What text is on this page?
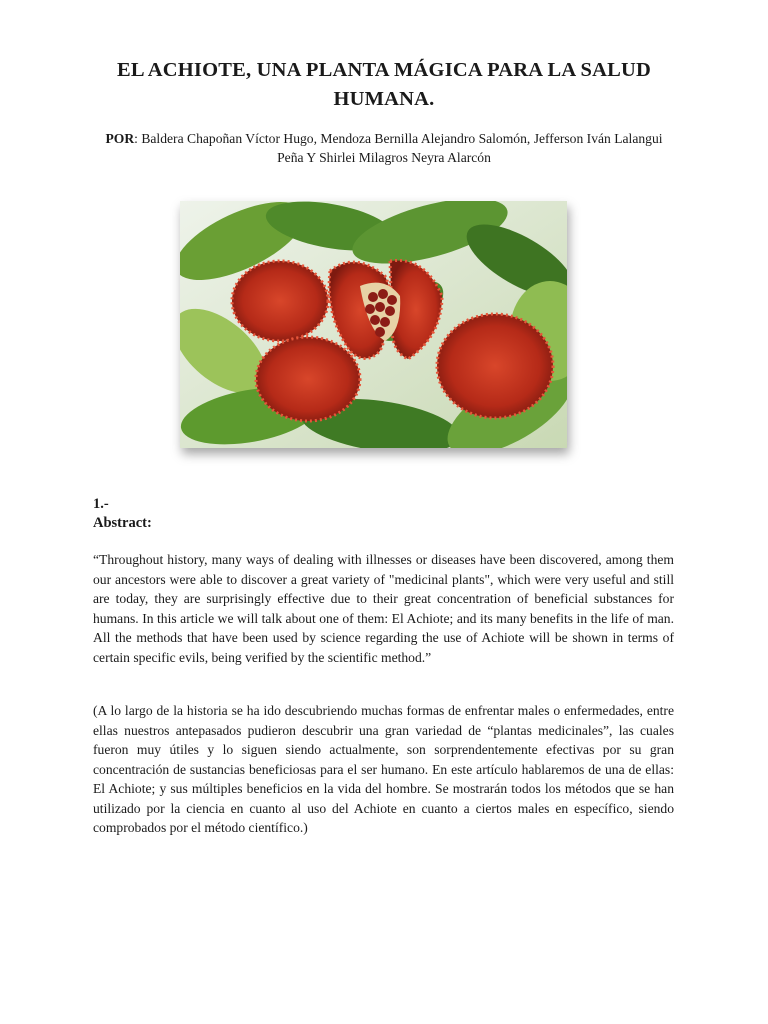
EL ACHIOTE, UNA PLANTA MÁGICA PARA LA SALUD HUMANA.
POR: Baldera Chapoñan Víctor Hugo, Mendoza Bernilla Alejandro Salomón, Jefferson Iván Lalangui Peña Y Shirlei Milagros Neyra Alarcón
1.-
Abstract:

“Throughout history, many ways of dealing with illnesses or diseases have been discovered, among them our ancestors were able to discover a great variety of "medicinal plants", which were very useful and still are today, they are surprisingly effective due to their great concentration of beneficial substances for humans. In this article we will talk about one of them: El Achiote; and its many benefits in the life of man. All the methods that have been used by science regarding the use of Achiote will be shown in terms of certain specific evils, being verified by the scientific method.”

(A lo largo de la historia se ha ido descubriendo muchas formas de enfrentar males o enfermedades, entre ellas nuestros antepasados pudieron descubrir una gran variedad de “plantas medicinales”, las cuales fueron muy útiles y lo siguen siendo actualmente, son sorprendentemente efectivas por su gran concentración de sustancias beneficiosas para el ser humano. En este artículo hablaremos de una de ellas: El Achiote; y sus múltiples beneficios en la vida del hombre. Se mostrarán todos los métodos que se han utilizado por la ciencia en cuanto al uso del Achiote en cuanto a ciertos males en específico, siendo comprobados por el método científico.)
